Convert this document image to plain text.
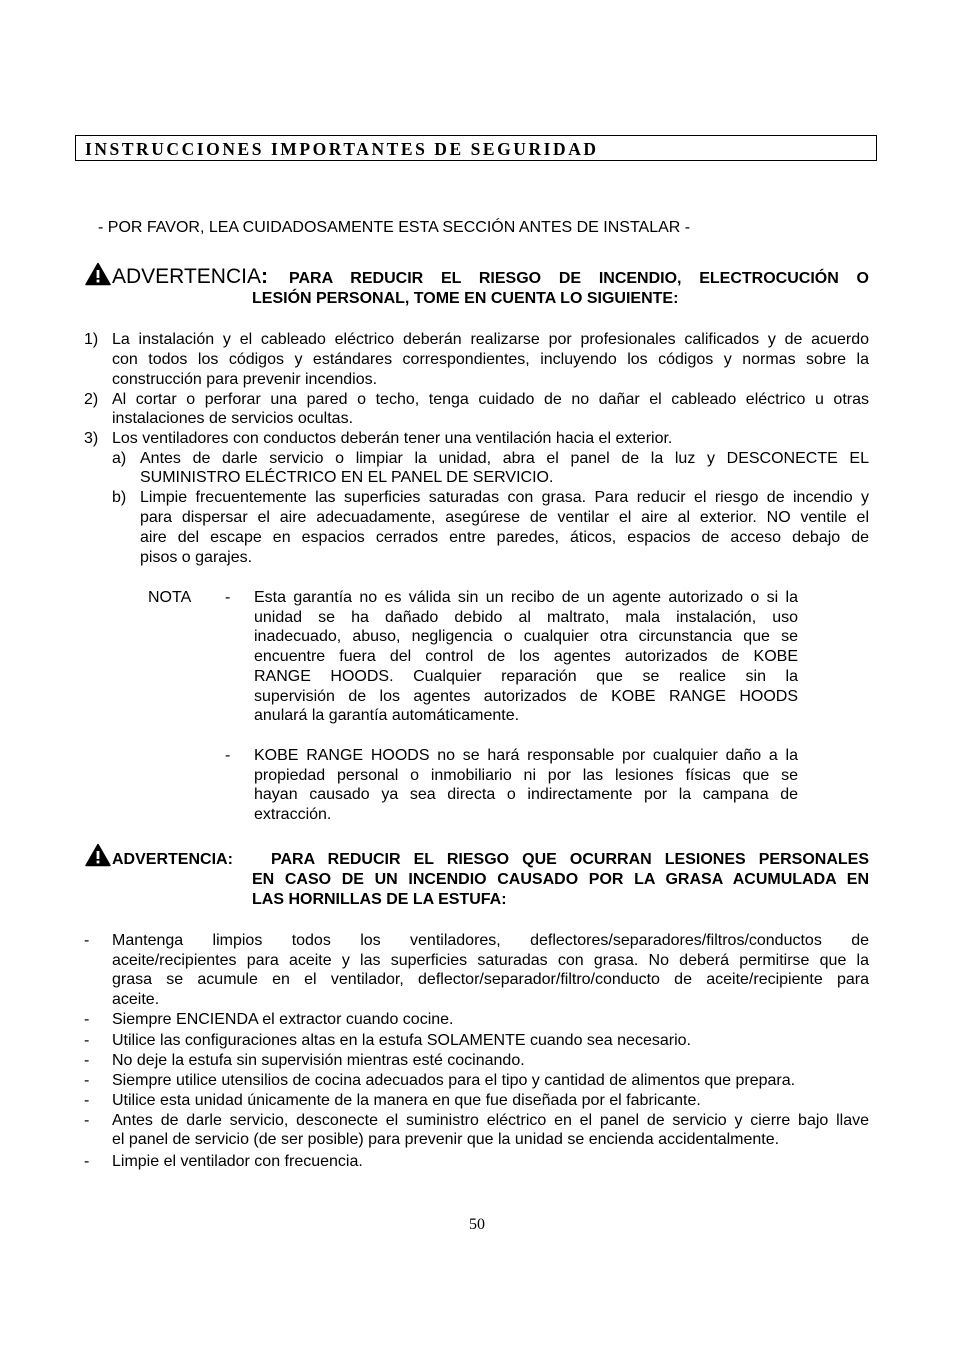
INSTRUCCIONES IMPORTANTES DE SEGURIDAD
- POR FAVOR, LEA CUIDADOSAMENTE ESTA SECCIÓN ANTES DE INSTALAR -
ADVERTENCIA: PARA REDUCIR EL RIESGO DE INCENDIO, ELECTROCUCIÓN O
LESIÓN PERSONAL, TOME EN CUENTA LO SIGUIENTE:
1) La instalación y el cableado eléctrico deberán realizarse por profesionales calificados y de acuerdo
con todos los códigos y estándares correspondientes, incluyendo los códigos y normas sobre la
construcción para prevenir incendios.
2) Al cortar o perforar una pared o techo, tenga cuidado de no dañar el cableado eléctrico u otras
instalaciones de servicios ocultas.
3) Los ventiladores con conductos deberán tener una ventilación hacia el exterior.
a) Antes de darle servicio o limpiar la unidad, abra el panel de la luz y DESCONECTE EL
SUMINISTRO ELÉCTRICO EN EL PANEL DE SERVICIO.
b) Limpie frecuentemente las superficies saturadas con grasa. Para reducir el riesgo de incendio y
para dispersar el aire adecuadamente, asegúrese de ventilar el aire al exterior. NO ventile el
aire del escape en espacios cerrados entre paredes, áticos, espacios de acceso debajo de
pisos o garajes.
NOTA - Esta garantía no es válida sin un recibo de un agente autorizado o si la
unidad se ha dañado debido al maltrato, mala instalación, uso
inadecuado, abuso, negligencia o cualquier otra circunstancia que se
encuentre fuera del control de los agentes autorizados de KOBE
RANGE HOODS. Cualquier reparación que se realice sin la
supervisión de los agentes autorizados de KOBE RANGE HOODS
anulará la garantía automáticamente.
- KOBE RANGE HOODS no se hará responsable por cualquier daño a la
propiedad personal o inmobiliario ni por las lesiones físicas que se
hayan causado ya sea directa o indirectamente por la campana de
extracción.
ADVERTENCIA: PARA REDUCIR EL RIESGO QUE OCURRAN LESIONES PERSONALES
EN CASO DE UN INCENDIO CAUSADO POR LA GRASA ACUMULADA EN
LAS HORNILLAS DE LA ESTUFA:
- Mantenga limpios todos los ventiladores, deflectores/separadores/filtros/conductos de
aceite/recipientes para aceite y las superficies saturadas con grasa. No deberá permitirse que la
grasa se acumule en el ventilador, deflector/separador/filtro/conducto de aceite/recipiente para
aceite.
- Siempre ENCIENDA el extractor cuando cocine.
- Utilice las configuraciones altas en la estufa SOLAMENTE cuando sea necesario.
- No deje la estufa sin supervisión mientras esté cocinando.
- Siempre utilice utensilios de cocina adecuados para el tipo y cantidad de alimentos que prepara.
- Utilice esta unidad únicamente de la manera en que fue diseñada por el fabricante.
- Antes de darle servicio, desconecte el suministro eléctrico en el panel de servicio y cierre bajo llave
el panel de servicio (de ser posible) para prevenir que la unidad se encienda accidentalmente.
- Limpie el ventilador con frecuencia.
50
